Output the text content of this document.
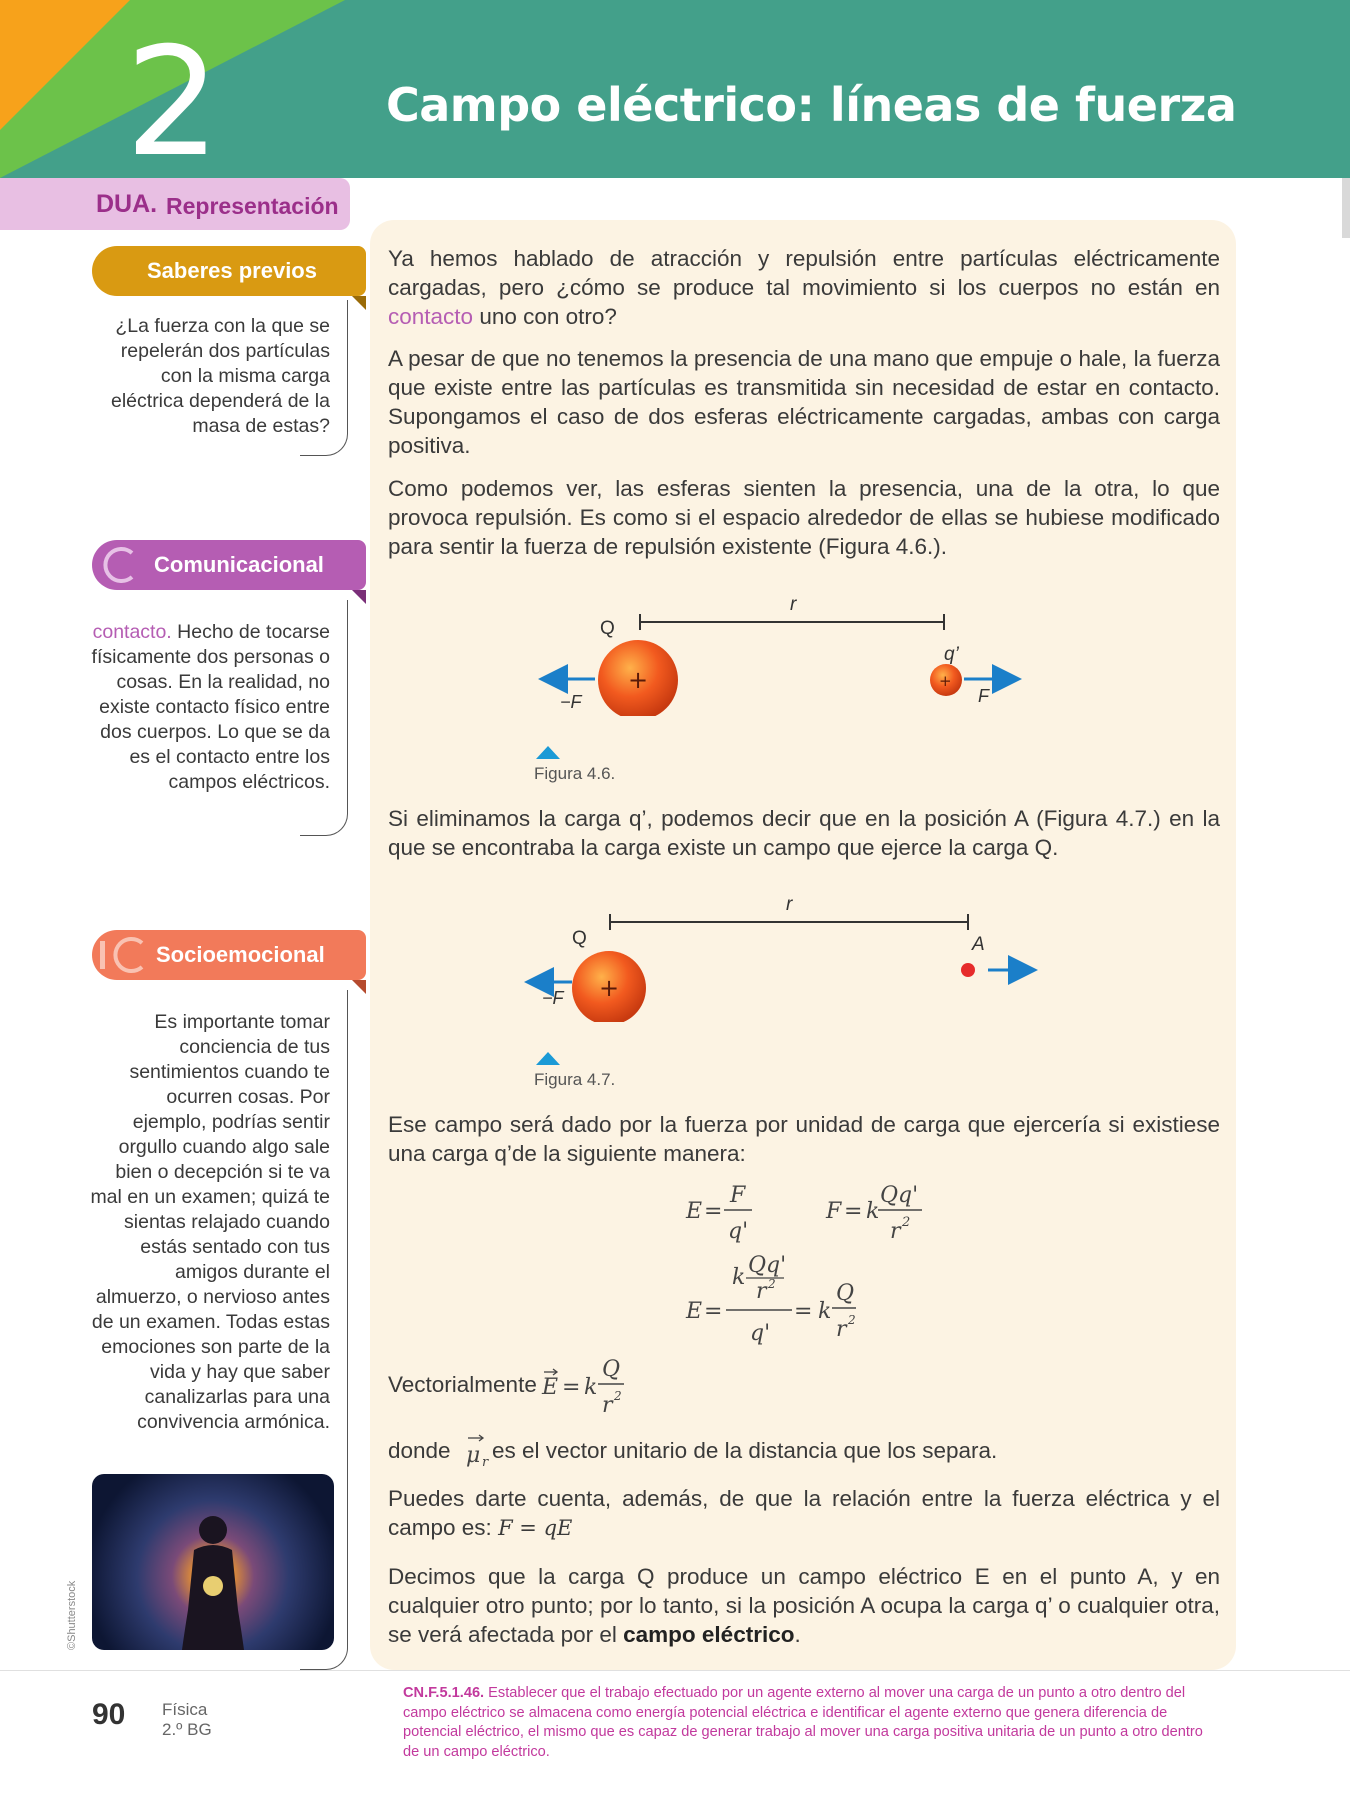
2	Campo eléctrico: líneas de fuerza
DUA. Representación
Saberes previos
¿La fuerza con la que se repelerán dos partículas con la misma carga eléctrica dependerá de la masa de estas?
Comunicacional
contacto. Hecho de tocarse físicamente dos personas o cosas. En la realidad, no existe contacto físico entre dos cuerpos. Lo que se da es el contacto entre los campos eléctricos.
Socioemocional
Es importante tomar conciencia de tus sentimientos cuando te ocurren cosas. Por ejemplo, podrías sentir orgullo cuando algo sale bien o decepción si te va mal en un examen; quizá te sientas relajado cuando estás sentado con tus amigos durante el almuerzo, o nervioso antes de un examen. Todas estas emociones son parte de la vida y hay que saber canalizarlas para una convivencia armónica.
©Shutterstock
Ya hemos hablado de atracción y repulsión entre partículas eléctricamente cargadas, pero ¿cómo se produce tal movimiento si los cuerpos no están en contacto uno con otro?
A pesar de que no tenemos la presencia de una mano que empuje o hale, la fuerza que existe entre las partículas es transmitida sin necesidad de estar en contacto. Supongamos el caso de dos esferas eléctricamente cargadas, ambas con carga positiva.
Como podemos ver, las esferas sienten la presencia, una de la otra, lo que provoca repulsión. Es como si el espacio alrededor de ellas se hubiese modificado para sentir la fuerza de repulsión existente (Figura 4.6.).
r
Q
q’
+
−F
+
F
Figura 4.6.
Si eliminamos la carga q’, podemos decir que en la posición A (Figura 4.7.) en la que se encontraba la carga existe un campo que ejerce la carga Q.
r
Q	A
+
−F
Figura 4.7.
Ese campo será dado por la fuerza por unidad de carga que ejercería si existiese una carga q’de la siguiente manera:
E =
F
q'
F = k
Qq'
r 2
E =
k Qq'
r 2
q'
= k
Q
r 2
Vectorialmente E = k
Q
r 2
donde μ r es el vector unitario de la distancia que los separa.
Puedes darte cuenta, además, de que la relación entre la fuerza eléctrica y el campo es: F = qE
Decimos que la carga Q produce un campo eléctrico E en el punto A, y en cualquier otro punto; por lo tanto, si la posición A ocupa la carga q’ o cualquier otra, se verá afectada por el campo eléctrico.
90 Física
2.º BG
CN.F.5.1.46. Establecer que el trabajo efectuado por un agente externo al mover una carga de un punto a otro dentro del campo eléctrico se almacena como energía potencial eléctrica e identificar el agente externo que genera diferencia de potencial eléctrico, el mismo que es capaz de generar trabajo al mover una carga positiva unitaria de un punto a otro dentro de un campo eléctrico.
